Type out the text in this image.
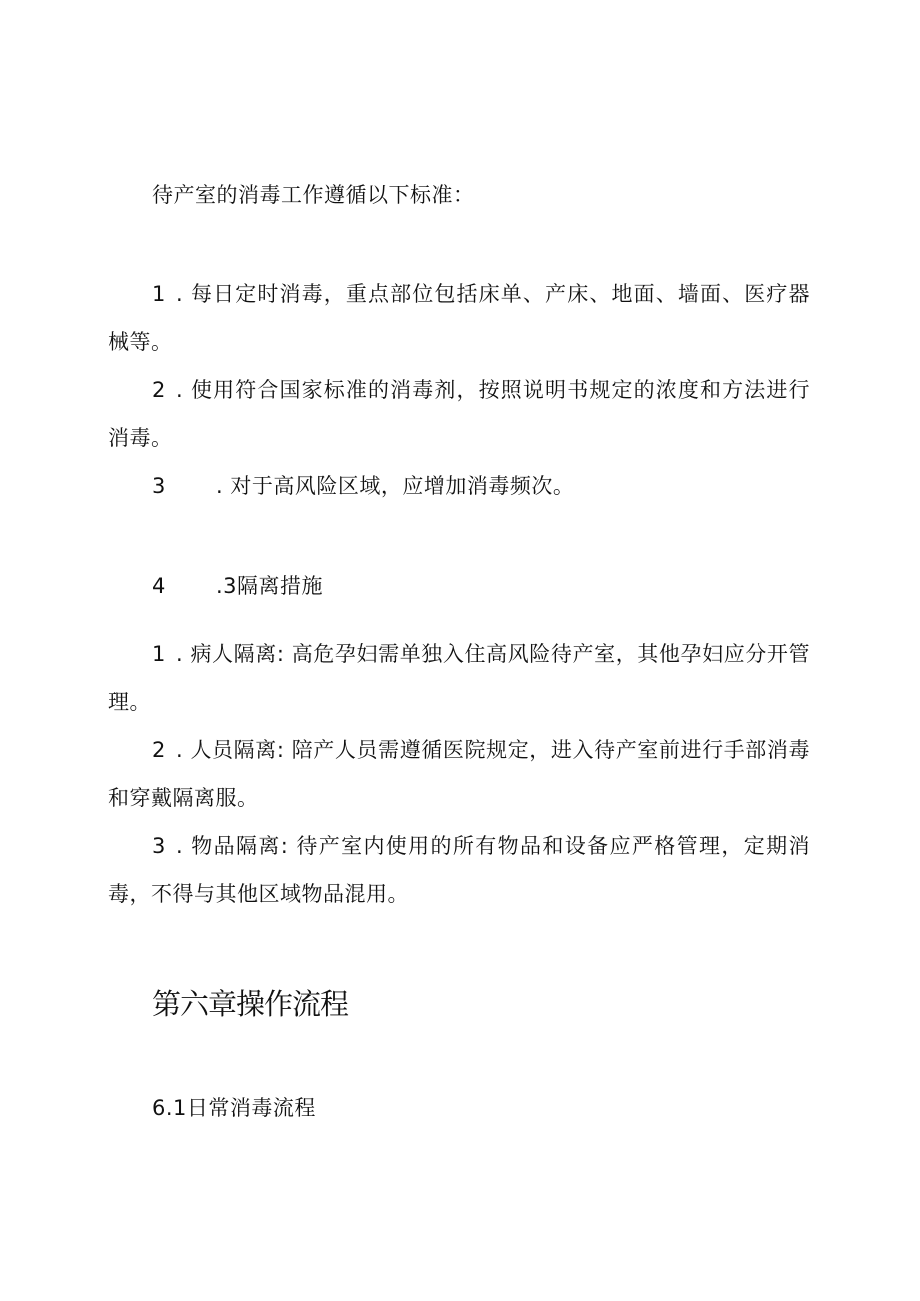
待产室的消毒工作遵循以下标准：
1 . 每日定时消毒，重点部位包括床单、产床、地面、墙面、医疗器械等。
2 . 使用符合国家标准的消毒剂，按照说明书规定的浓度和方法进行消毒。
3 . 对于高风险区域，应增加消毒频次。
4 .3隔离措施
1 . 病人隔离: 高危孕妇需单独入住高风险待产室，其他孕妇应分开管理。
2 . 人员隔离: 陪产人员需遵循医院规定，进入待产室前进行手部消毒和穿戴隔离服。
3 . 物品隔离: 待产室内使用的所有物品和设备应严格管理，定期消毒，不得与其他区域物品混用。
第六章操作流程
6.1日常消毒流程
